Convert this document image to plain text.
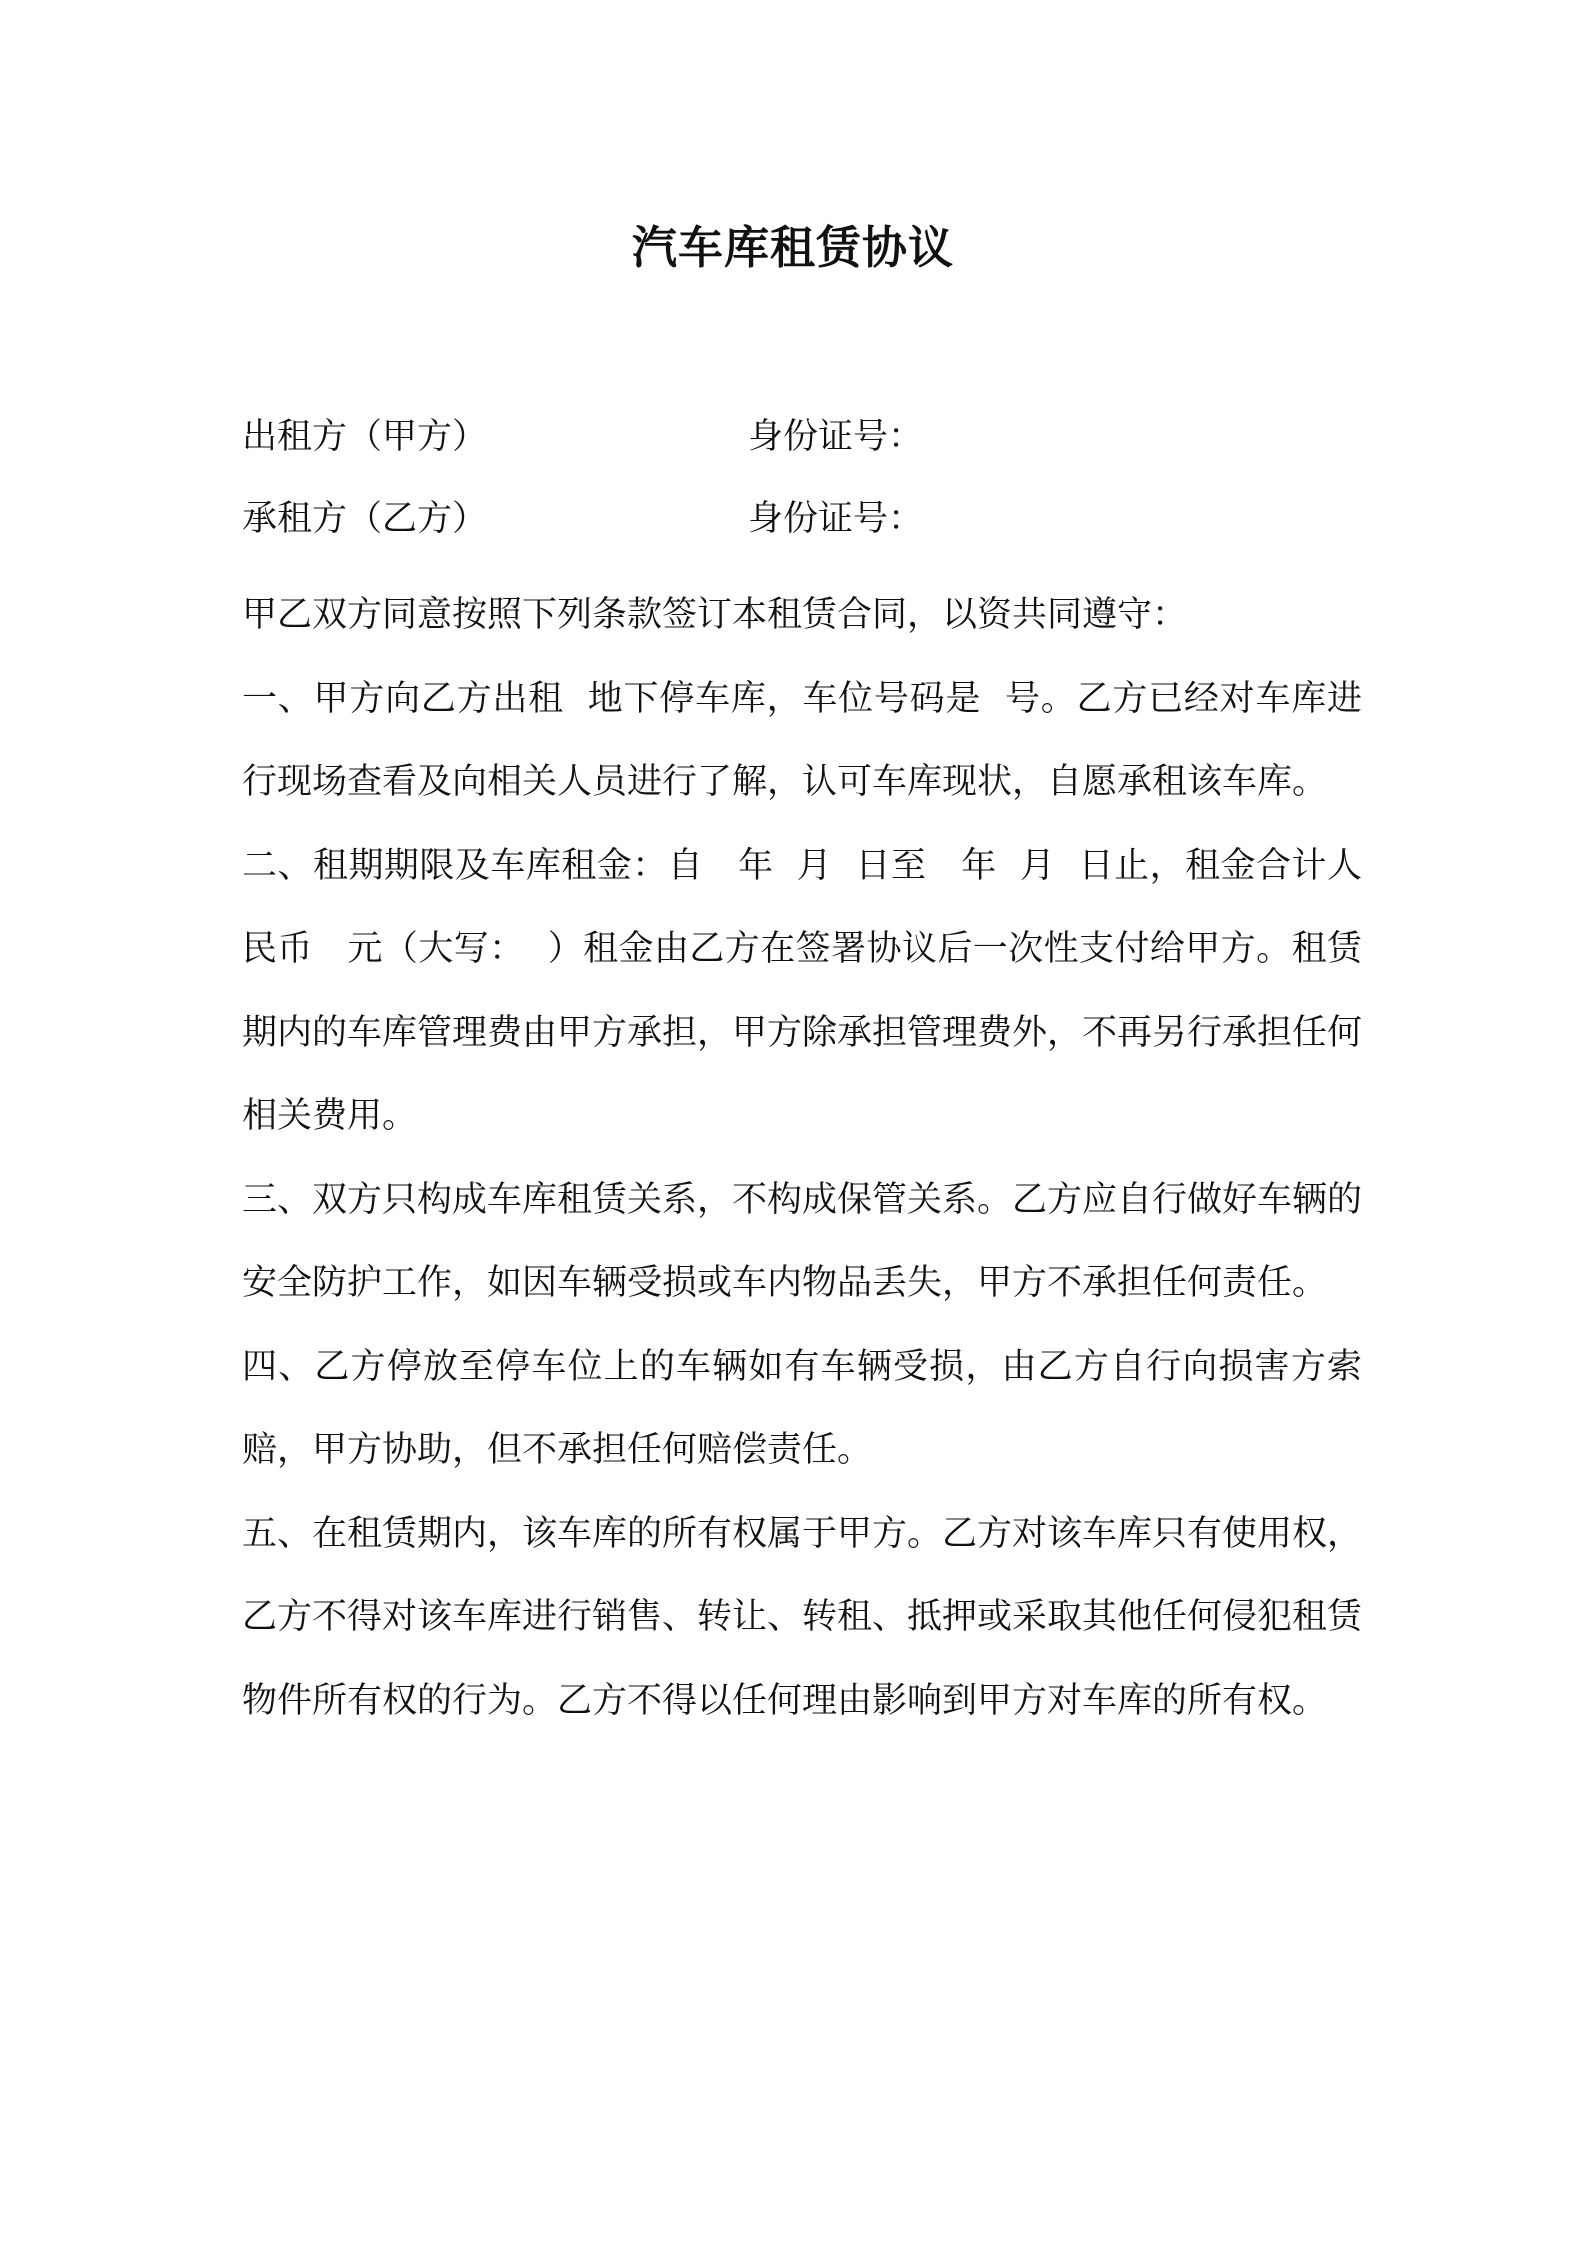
汽车库租赁协议
出租方（甲方）	身份证号：
承租方（乙方）	身份证号：

甲乙双方同意按照下列条款签订本租赁合同，以资共同遵守：

一、甲方向乙方出租  地下停车库，车位号码是  号。乙方已经对车库进行现场查看及向相关人员进行了解，认可车库现状，自愿承租该车库。

二、租期期限及车库租金：自   年  月  日至   年  月  日止，租金合计人民币   元（大写：  ）租金由乙方在签署协议后一次性支付给甲方。租赁期内的车库管理费由甲方承担，甲方除承担管理费外，不再另行承担任何相关费用。

三、双方只构成车库租赁关系，不构成保管关系。乙方应自行做好车辆的安全防护工作，如因车辆受损或车内物品丢失，甲方不承担任何责任。

四、乙方停放至停车位上的车辆如有车辆受损，由乙方自行向损害方索赔，甲方协助，但不承担任何赔偿责任。

五、在租赁期内，该车库的所有权属于甲方。乙方对该车库只有使用权，乙方不得对该车库进行销售、转让、转租、抵押或采取其他任何侵犯租赁物件所有权的行为。乙方不得以任何理由影响到甲方对车库的所有权。
